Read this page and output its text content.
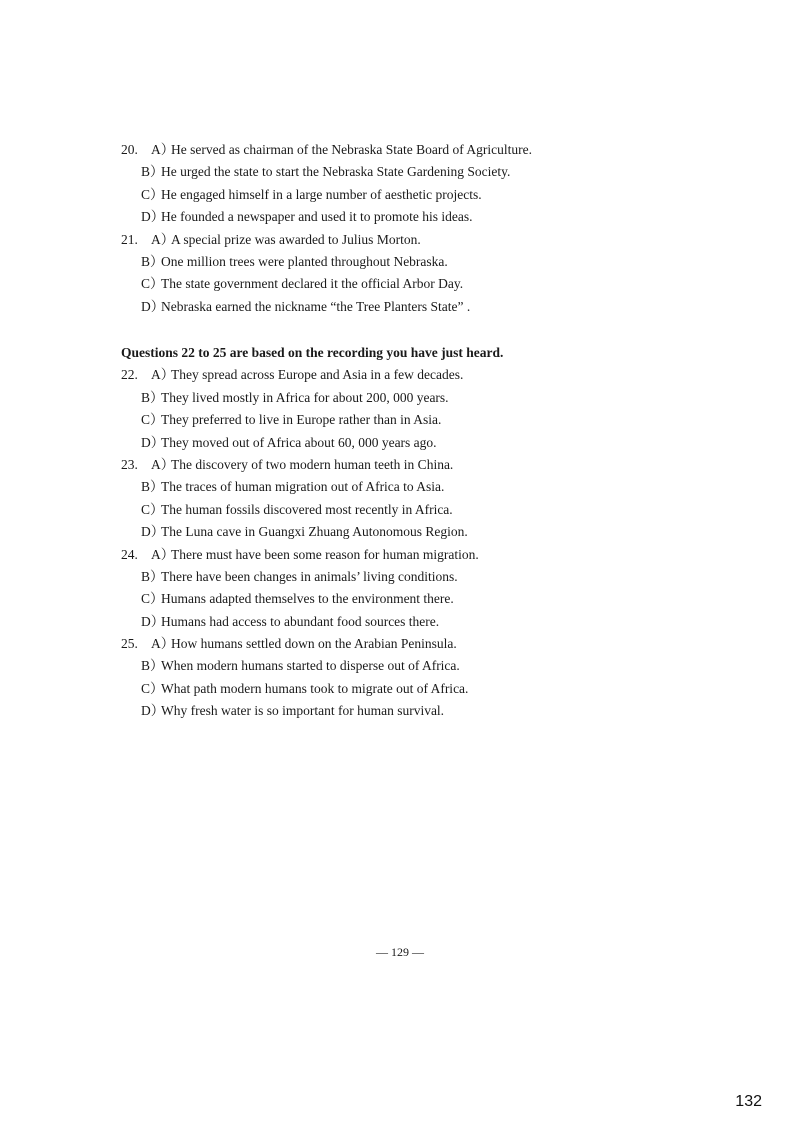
20. A）He served as chairman of the Nebraska State Board of Agriculture.
B）He urged the state to start the Nebraska State Gardening Society.
C）He engaged himself in a large number of aesthetic projects.
D）He founded a newspaper and used it to promote his ideas.
21. A）A special prize was awarded to Julius Morton.
B）One million trees were planted throughout Nebraska.
C）The state government declared it the official Arbor Day.
D）Nebraska earned the nickname “the Tree Planters State” .
Questions 22 to 25 are based on the recording you have just heard.
22. A）They spread across Europe and Asia in a few decades.
B）They lived mostly in Africa for about 200, 000 years.
C）They preferred to live in Europe rather than in Asia.
D）They moved out of Africa about 60, 000 years ago.
23. A）The discovery of two modern human teeth in China.
B）The traces of human migration out of Africa to Asia.
C）The human fossils discovered most recently in Africa.
D）The Luna cave in Guangxi Zhuang Autonomous Region.
24. A）There must have been some reason for human migration.
B）There have been changes in animals’ living conditions.
C）Humans adapted themselves to the environment there.
D）Humans had access to abundant food sources there.
25. A）How humans settled down on the Arabian Peninsula.
B）When modern humans started to disperse out of Africa.
C）What path modern humans took to migrate out of Africa.
D）Why fresh water is so important for human survival.
— 129 —
132
